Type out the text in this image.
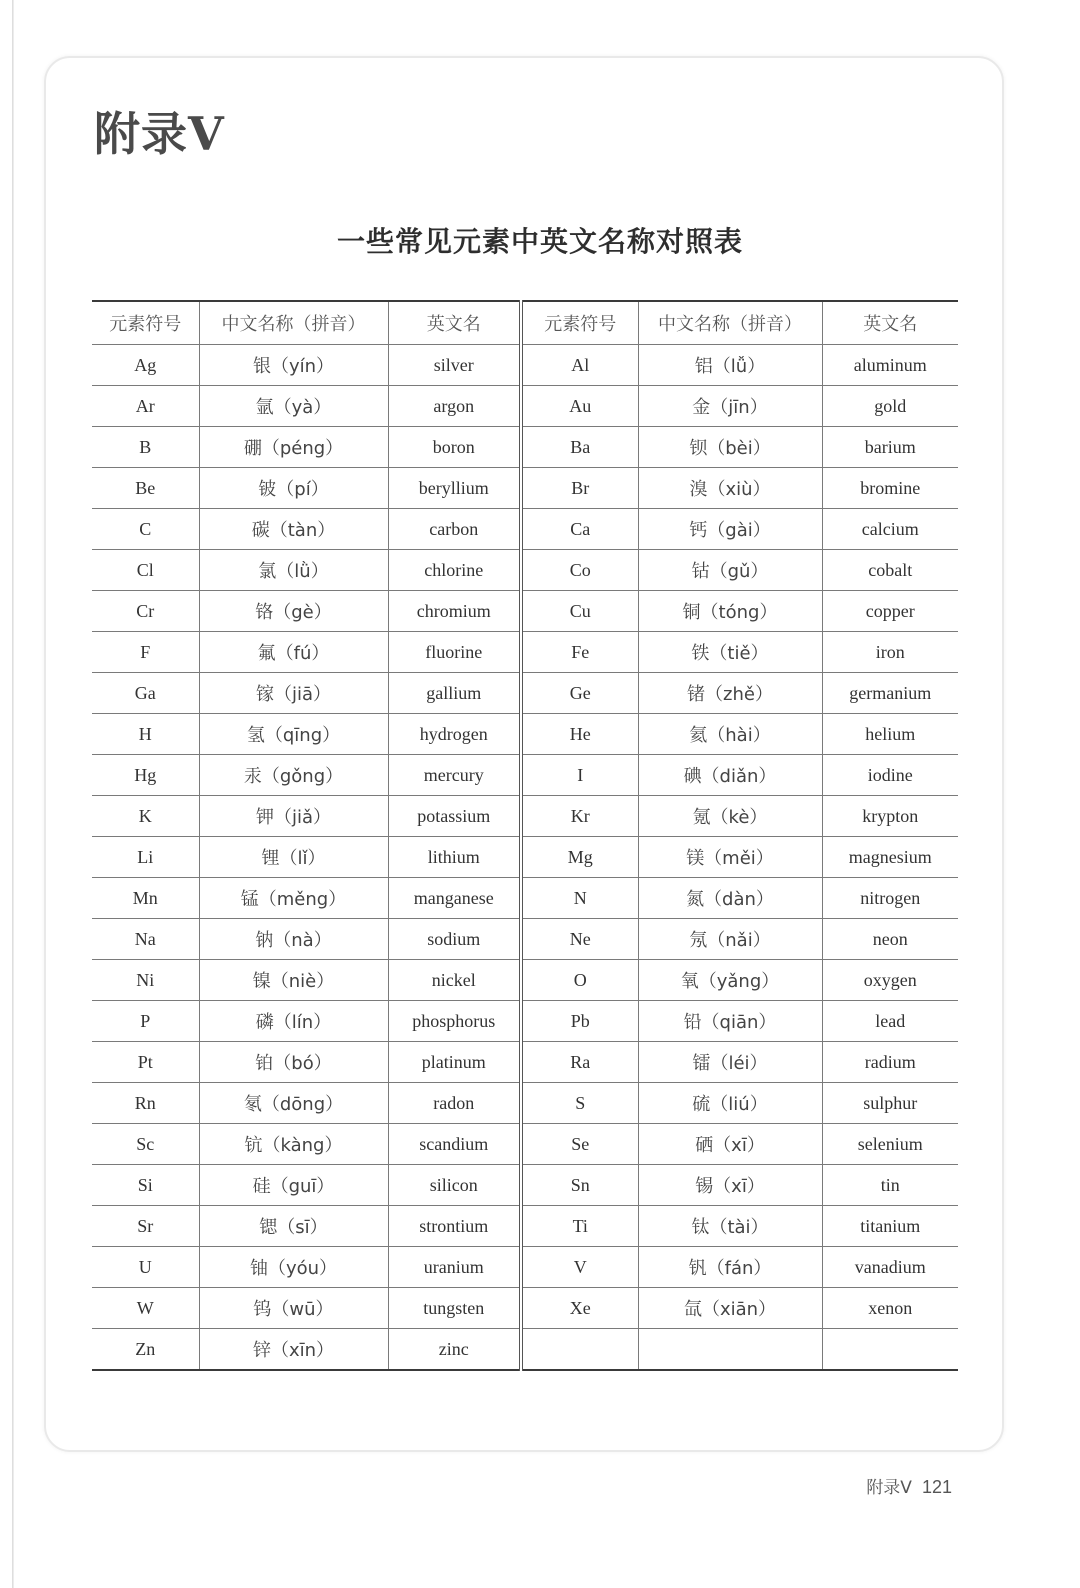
附录Ⅴ
一些常见元素中英文名称对照表
元素符号	中文名称（拼音）	英文名	元素符号	中文名称（拼音）	英文名
Ag	银（yín）	silver	Al	铝（lǚ）	aluminum
Ar	氩（yà）	argon	Au	金（jīn）	gold
B	硼（péng）	boron	Ba	钡（bèi）	barium
Be	铍（pí）	beryllium	Br	溴（xiù）	bromine
C	碳（tàn）	carbon	Ca	钙（gài）	calcium
Cl	氯（lǜ）	chlorine	Co	钴（gǔ）	cobalt
Cr	铬（gè）	chromium	Cu	铜（tóng）	copper
F	氟（fú）	fluorine	Fe	铁（tiě）	iron
Ga	镓（jiā）	gallium	Ge	锗（zhě）	germanium
H	氢（qīng）	hydrogen	He	氦（hài）	helium
Hg	汞（gǒng）	mercury	I	碘（diǎn）	iodine
K	钾（jiǎ）	potassium	Kr	氪（kè）	krypton
Li	锂（lǐ）	lithium	Mg	镁（měi）	magnesium
Mn	锰（měng）	manganese	N	氮（dàn）	nitrogen
Na	钠（nà）	sodium	Ne	氖（nǎi）	neon
Ni	镍（niè）	nickel	O	氧（yǎng）	oxygen
P	磷（lín）	phosphorus	Pb	铅（qiān）	lead
Pt	铂（bó）	platinum	Ra	镭（léi）	radium
Rn	氡（dōng）	radon	S	硫（liú）	sulphur
Sc	钪（kàng）	scandium	Se	硒（xī）	selenium
Si	硅（guī）	silicon	Sn	锡（xī）	tin
Sr	锶（sī）	strontium	Ti	钛（tài）	titanium
U	铀（yóu）	uranium	V	钒（fán）	vanadium
W	钨（wū）	tungsten	Xe	氙（xiān）	xenon
Zn	锌（xīn）	zinc			
附录Ⅴ 121
